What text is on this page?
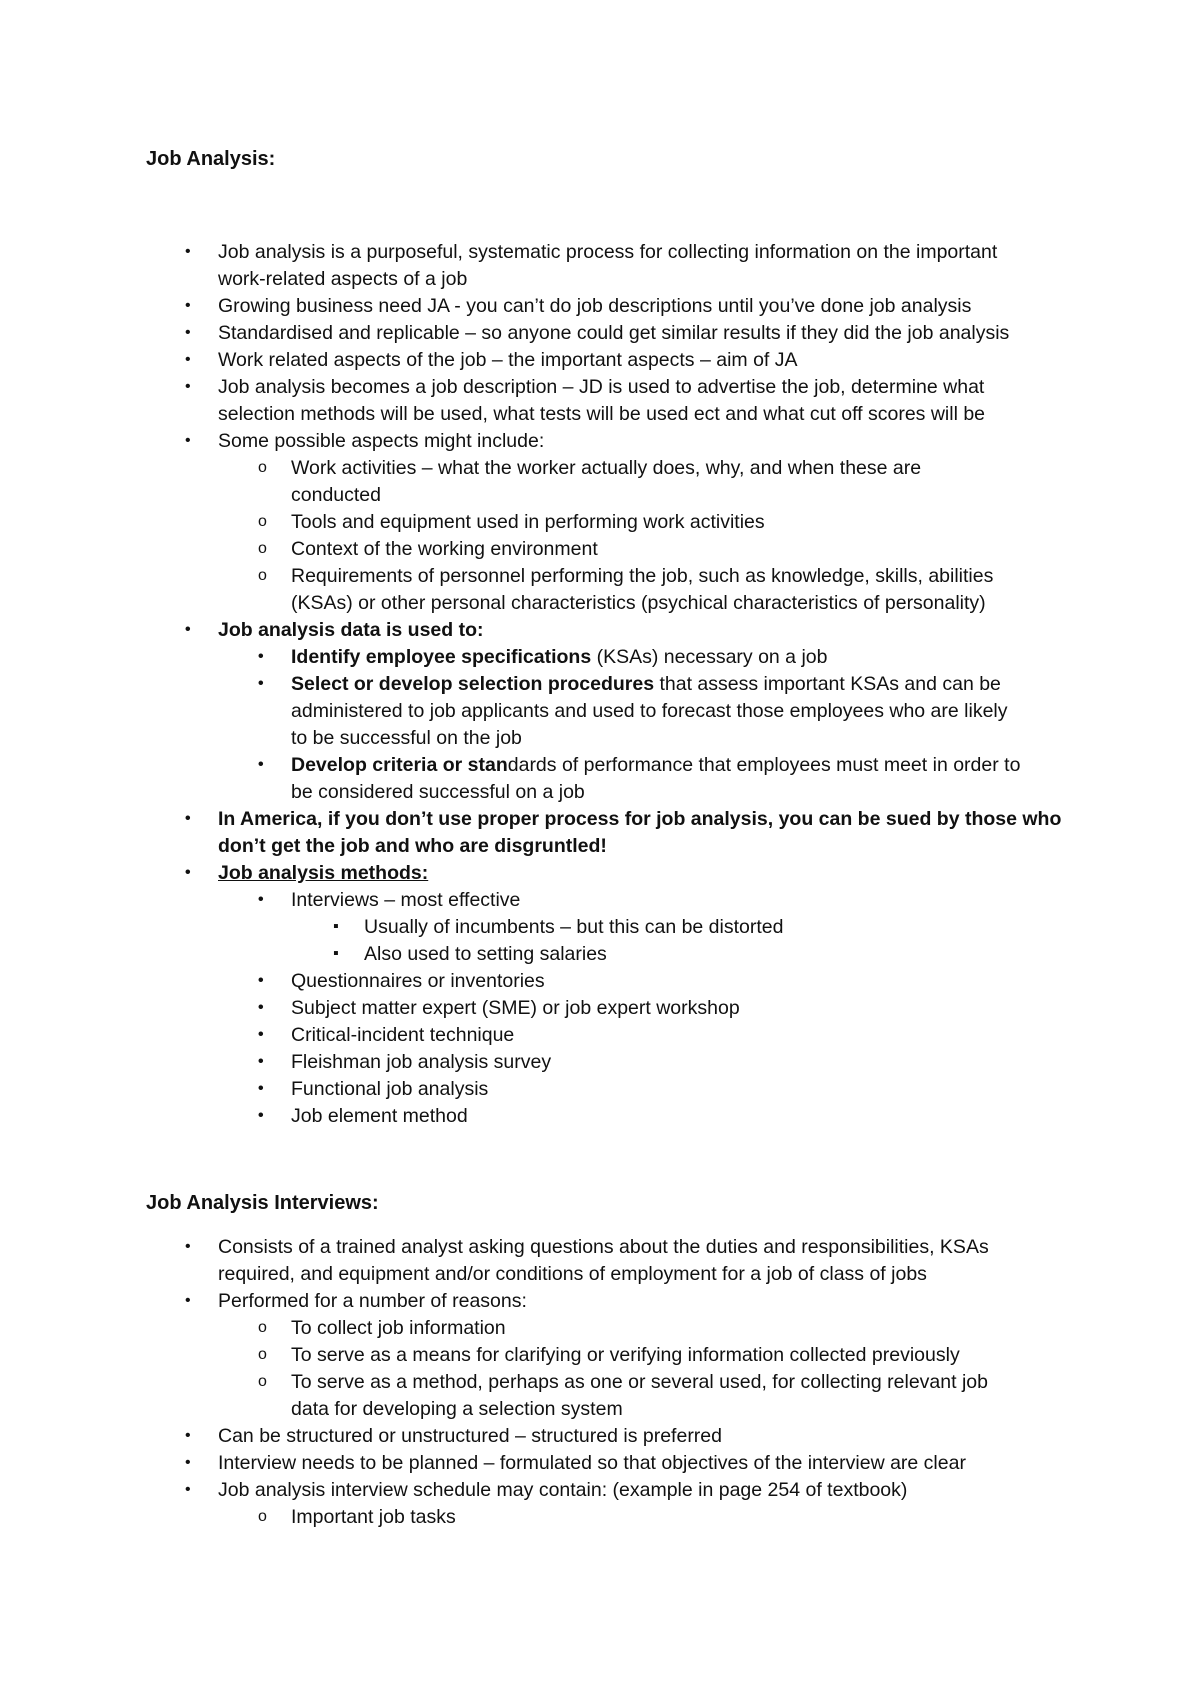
Job Analysis:
• Job analysis is a purposeful, systematic process for collecting information on the important
work-related aspects of a job
• Growing business need JA - you can’t do job descriptions until you’ve done job analysis
• Standardised and replicable – so anyone could get similar results if they did the job analysis
• Work related aspects of the job – the important aspects – aim of JA
• Job analysis becomes a job description – JD is used to advertise the job, determine what
selection methods will be used, what tests will be used ect and what cut off scores will be
• Some possible aspects might include:
o Work activities – what the worker actually does, why, and when these are
conducted
o Tools and equipment used in performing work activities
o Context of the working environment
o Requirements of personnel performing the job, such as knowledge, skills, abilities
(KSAs) or other personal characteristics (psychical characteristics of personality)
• Job analysis data is used to:
• Identify employee specifications (KSAs) necessary on a job
• Select or develop selection procedures that assess important KSAs and can be
administered to job applicants and used to forecast those employees who are likely
to be successful on the job
• Develop criteria or standards of performance that employees must meet in order to
be considered successful on a job
• In America, if you don’t use proper process for job analysis, you can be sued by those who
don’t get the job and who are disgruntled!
• Job analysis methods:
• Interviews – most effective
▪ Usually of incumbents – but this can be distorted
▪ Also used to setting salaries
• Questionnaires or inventories
• Subject matter expert (SME) or job expert workshop
• Critical-incident technique
• Fleishman job analysis survey
• Functional job analysis
• Job element method
Job Analysis Interviews:
• Consists of a trained analyst asking questions about the duties and responsibilities, KSAs
required, and equipment and/or conditions of employment for a job of class of jobs
• Performed for a number of reasons:
o To collect job information
o To serve as a means for clarifying or verifying information collected previously
o To serve as a method, perhaps as one or several used, for collecting relevant job
data for developing a selection system
• Can be structured or unstructured – structured is preferred
• Interview needs to be planned – formulated so that objectives of the interview are clear
• Job analysis interview schedule may contain: (example in page 254 of textbook)
o Important job tasks
